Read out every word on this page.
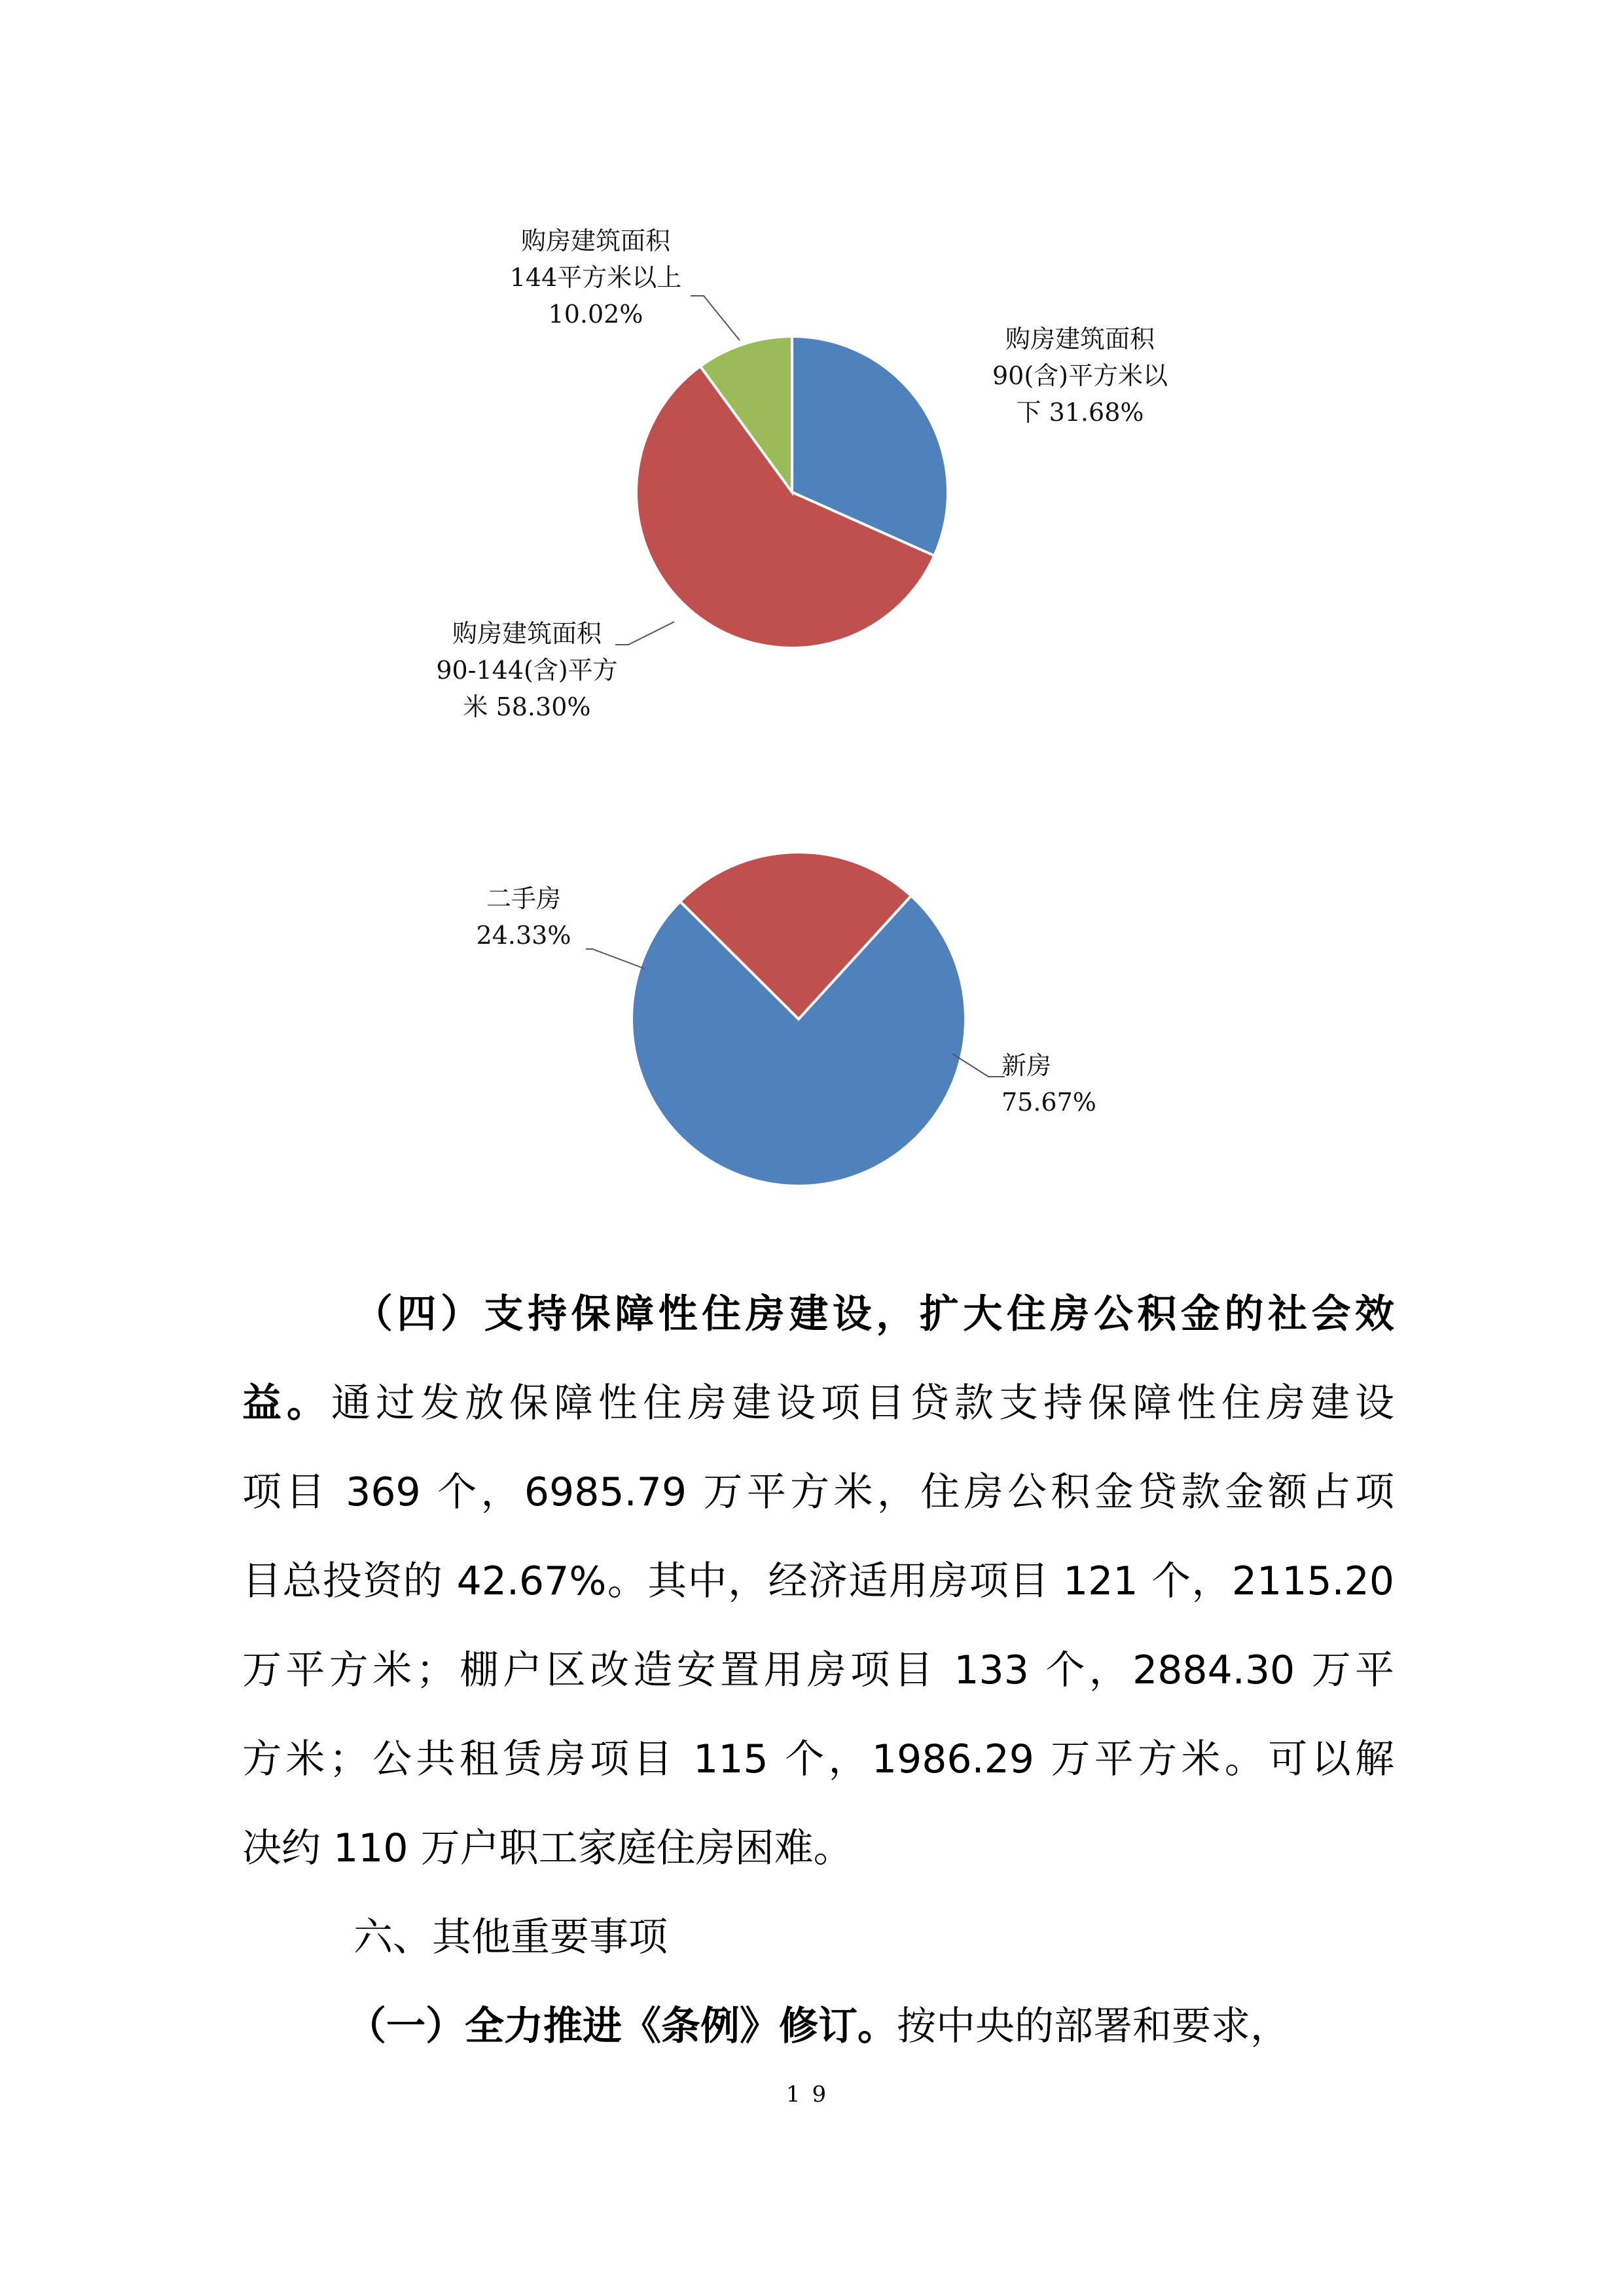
购房建筑面积
144平方米以上
10.02%
购房建筑面积
90(含)平方米以
下 31.68%
购房建筑面积
90-144(含)平方
米 58.30%
二手房
24.33%
新房
75.67%
（四）支持保障性住房建设，扩大住房公积金的社会效
益。通过发放保障性住房建设项目贷款支持保障性住房建设
项目 369 个，6985.79 万平方米，住房公积金贷款金额占项
目总投资的 42.67%。其中，经济适用房项目 121 个，2115.20
万平方米；棚户区改造安置用房项目 133 个，2884.30 万平
方米；公共租赁房项目 115 个，1986.29 万平方米。可以解
决约 110 万户职工家庭住房困难。
六、其他重要事项
（一）全力推进《条例》修订。按中央的部署和要求，
19
